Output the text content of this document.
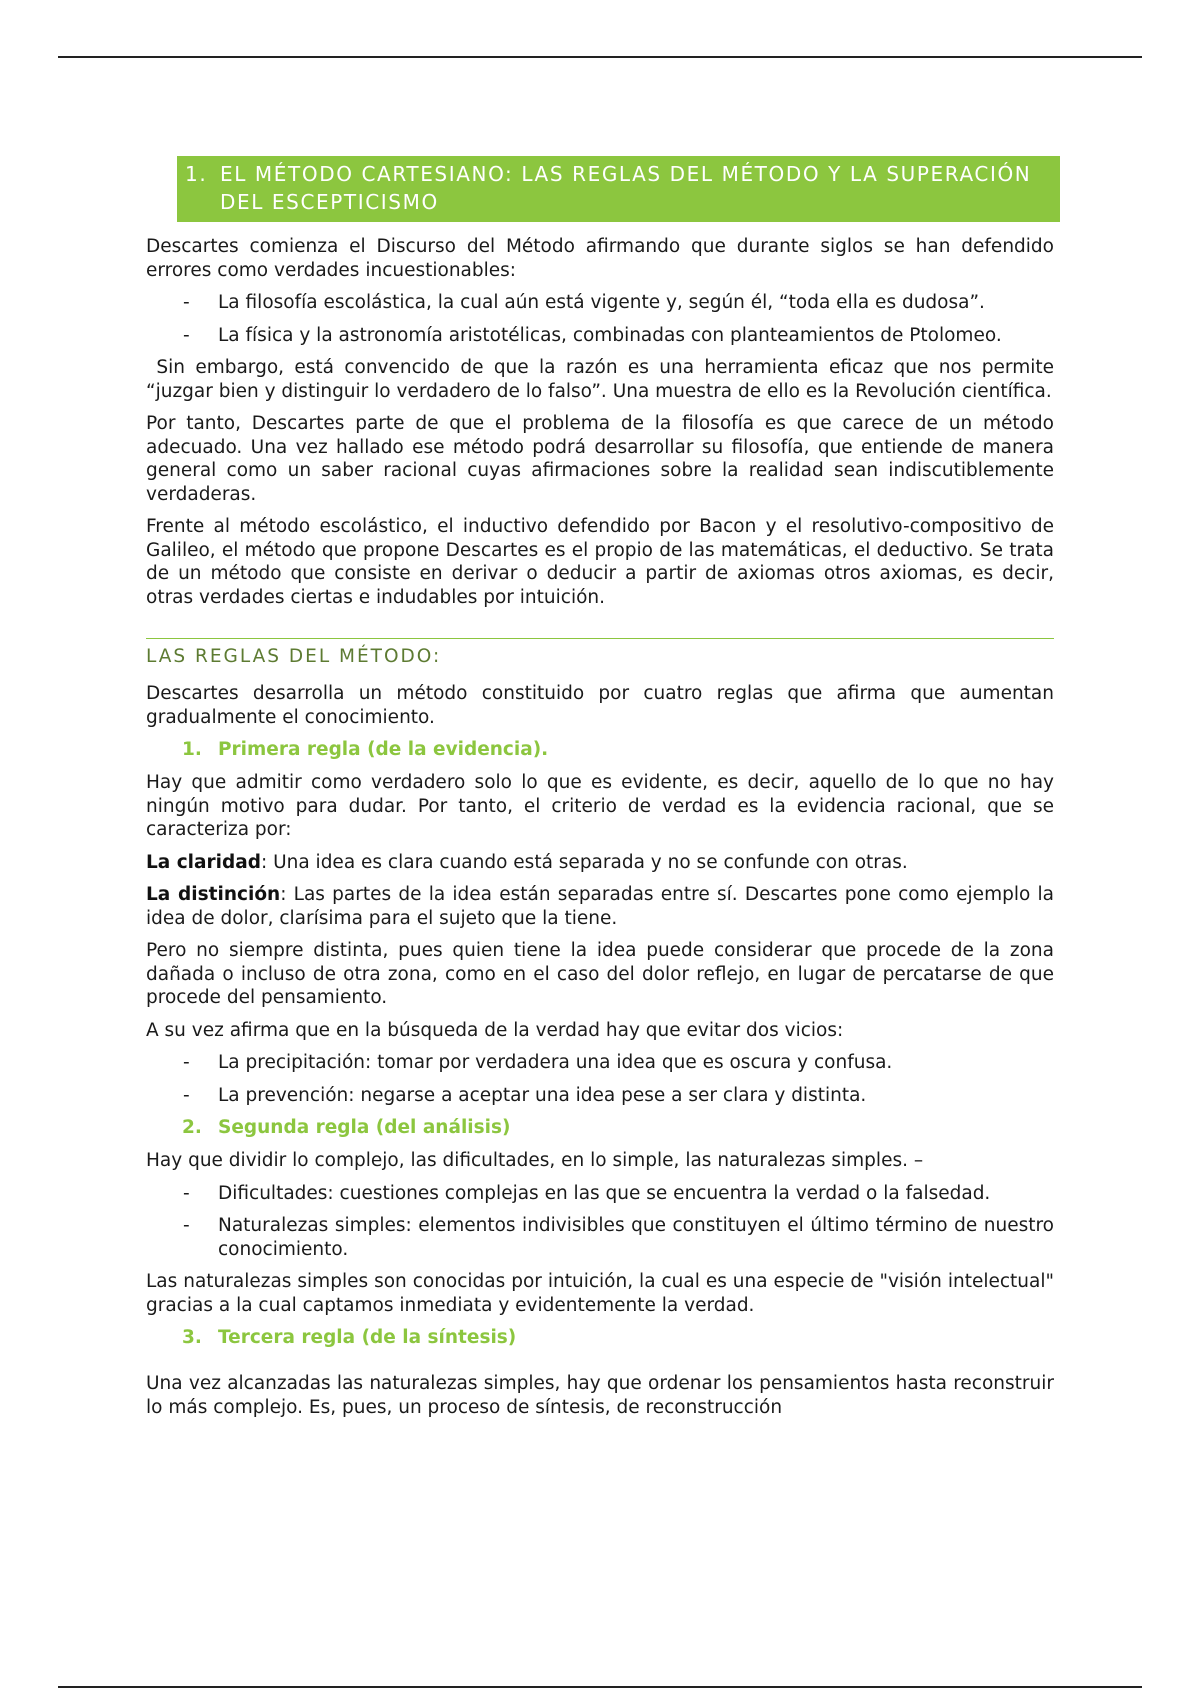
1. EL MÉTODO CARTESIANO: LAS REGLAS DEL MÉTODO Y LA SUPERACIÓN DEL ESCEPTICISMO

Descartes comienza el Discurso del Método afirmando que durante siglos se han defendido errores como verdades incuestionables:

- La filosofía escolástica, la cual aún está vigente y, según él, “toda ella es dudosa”.
- La física y la astronomía aristotélicas, combinadas con planteamientos de Ptolomeo.

Sin embargo, está convencido de que la razón es una herramienta eficaz que nos permite “juzgar bien y distinguir lo verdadero de lo falso”. Una muestra de ello es la Revolución científica.

Por tanto, Descartes parte de que el problema de la filosofía es que carece de un método adecuado. Una vez hallado ese método podrá desarrollar su filosofía, que entiende de manera general como un saber racional cuyas afirmaciones sobre la realidad sean indiscutiblemente verdaderas.

Frente al método escolástico, el inductivo defendido por Bacon y el resolutivo-compositivo de Galileo, el método que propone Descartes es el propio de las matemáticas, el deductivo. Se trata de un método que consiste en derivar o deducir a partir de axiomas otros axiomas, es decir, otras verdades ciertas e indudables por intuición.

LAS REGLAS DEL MÉTODO:

Descartes desarrolla un método constituido por cuatro reglas que afirma que aumentan gradualmente el conocimiento.

1. Primera regla (de la evidencia).

Hay que admitir como verdadero solo lo que es evidente, es decir, aquello de lo que no hay ningún motivo para dudar. Por tanto, el criterio de verdad es la evidencia racional, que se caracteriza por:

La claridad: Una idea es clara cuando está separada y no se confunde con otras.

La distinción: Las partes de la idea están separadas entre sí. Descartes pone como ejemplo la idea de dolor, clarísima para el sujeto que la tiene.

Pero no siempre distinta, pues quien tiene la idea puede considerar que procede de la zona dañada o incluso de otra zona, como en el caso del dolor reflejo, en lugar de percatarse de que procede del pensamiento.

A su vez afirma que en la búsqueda de la verdad hay que evitar dos vicios:

- La precipitación: tomar por verdadera una idea que es oscura y confusa.
- La prevención: negarse a aceptar una idea pese a ser clara y distinta.
2. Segunda regla (del análisis)

Hay que dividir lo complejo, las dificultades, en lo simple, las naturalezas simples. –

- Dificultades: cuestiones complejas en las que se encuentra la verdad o la falsedad.
- Naturalezas simples: elementos indivisibles que constituyen el último término de nuestro conocimiento.

Las naturalezas simples son conocidas por intuición, la cual es una especie de "visión intelectual" gracias a la cual captamos inmediata y evidentemente la verdad.

3. Tercera regla (de la síntesis)

Una vez alcanzadas las naturalezas simples, hay que ordenar los pensamientos hasta reconstruir lo más complejo. Es, pues, un proceso de síntesis, de reconstrucción
